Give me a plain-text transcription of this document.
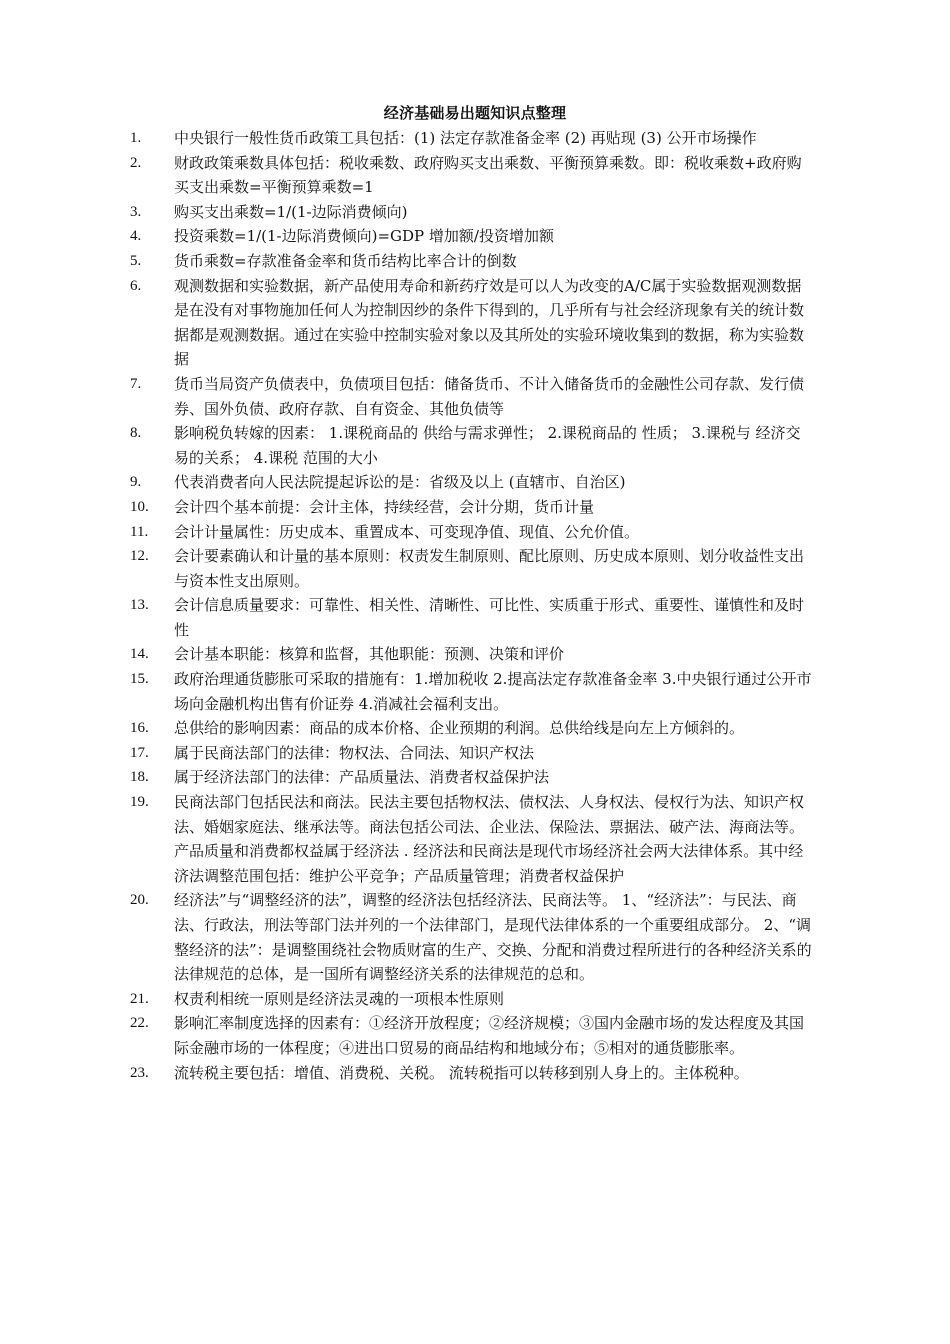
经济基础易出题知识点整理
1.	中央银行一般性货币政策工具包括：(1) 法定存款准备金率 (2) 再贴现 (3) 公开市场操作
2.	财政政策乘数具体包括：税收乘数、政府购买支出乘数、平衡预算乘数。即：税收乘数+政府购买支出乘数=平衡预算乘数=1
3.	购买支出乘数=1/(1-边际消费倾向)
4.	投资乘数=1/(1-边际消费倾向)=GDP 增加额/投资增加额
5.	货币乘数=存款准备金率和货币结构比率合计的倒数
6.	观测数据和实验数据，新产品使用寿命和新药疗效是可以人为改变的A/C属于实验数据观测数据是在没有对事物施加任何人为控制因纱的条件下得到的，几乎所有与社会经济现象有关的统计数据都是观测数据。通过在实验中控制实验对象以及其所处的实验环境收集到的数据，称为实验数据
7.	货币当局资产负债表中，负债项目包括：储备货币、不计入储备货币的金融性公司存款、发行债券、国外负债、政府存款、自有资金、其他负债等
8.	影响税负转嫁的因素： 1.课税商品的 供给与需求弹性； 2.课税商品的 性质； 3.课税与 经济交易的关系； 4.课税 范围的大小
9.	代表消费者向人民法院提起诉讼的是：省级及以上 (直辖市、自治区)
10.	会计四个基本前提：会计主体，持续经营，会计分期，货币计量
11.	会计计量属性：历史成本、重置成本、可变现净值、现值、公允价值。
12.	会计要素确认和计量的基本原则：权责发生制原则、配比原则、历史成本原则、划分收益性支出与资本性支出原则。
13.	会计信息质量要求：可靠性、相关性、清晰性、可比性、实质重于形式、重要性、谨慎性和及时性
14.	会计基本职能：核算和监督，其他职能：预测、决策和评价
15.	政府治理通货膨胀可采取的措施有：1.增加税收 2.提高法定存款准备金率 3.中央银行通过公开市场向金融机构出售有价证券 4.消减社会福利支出。
16.	总供给的影响因素：商品的成本价格、企业预期的利润。总供给线是向左上方倾斜的。
17.	属于民商法部门的法律：物权法、合同法、知识产权法
18.	属于经济法部门的法律：产品质量法、消费者权益保护法
19.	民商法部门包括民法和商法。民法主要包括物权法、债权法、人身权法、侵权行为法、知识产权法、婚姻家庭法、继承法等。商法包括公司法、企业法、保险法、票据法、破产法、海商法等。产品质量和消费都权益属于经济法 . 经济法和民商法是现代市场经济社会两大法律体系。其中经济法调整范围包括：维护公平竞争；产品质量管理；消费者权益保护
20.	经济法”与“调整经济的法”，调整的经济法包括经济法、民商法等。 1、“经济法”：与民法、商法、行政法，刑法等部门法并列的一个法律部门，是现代法律体系的一个重要组成部分。 2、“调整经济的法”：是调整围绕社会物质财富的生产、交换、分配和消费过程所进行的各种经济关系的法律规范的总体，是一国所有调整经济关系的法律规范的总和。
21.	权责利相统一原则是经济法灵魂的一项根本性原则
22.	影响汇率制度选择的因素有：①经济开放程度；②经济规模；③国内金融市场的发达程度及其国际金融市场的一体程度；④进出口贸易的商品结构和地域分布；⑤相对的通货膨胀率。
23.	流转税主要包括：增值、消费税、关税。 流转税指可以转移到别人身上的。主体税种。
